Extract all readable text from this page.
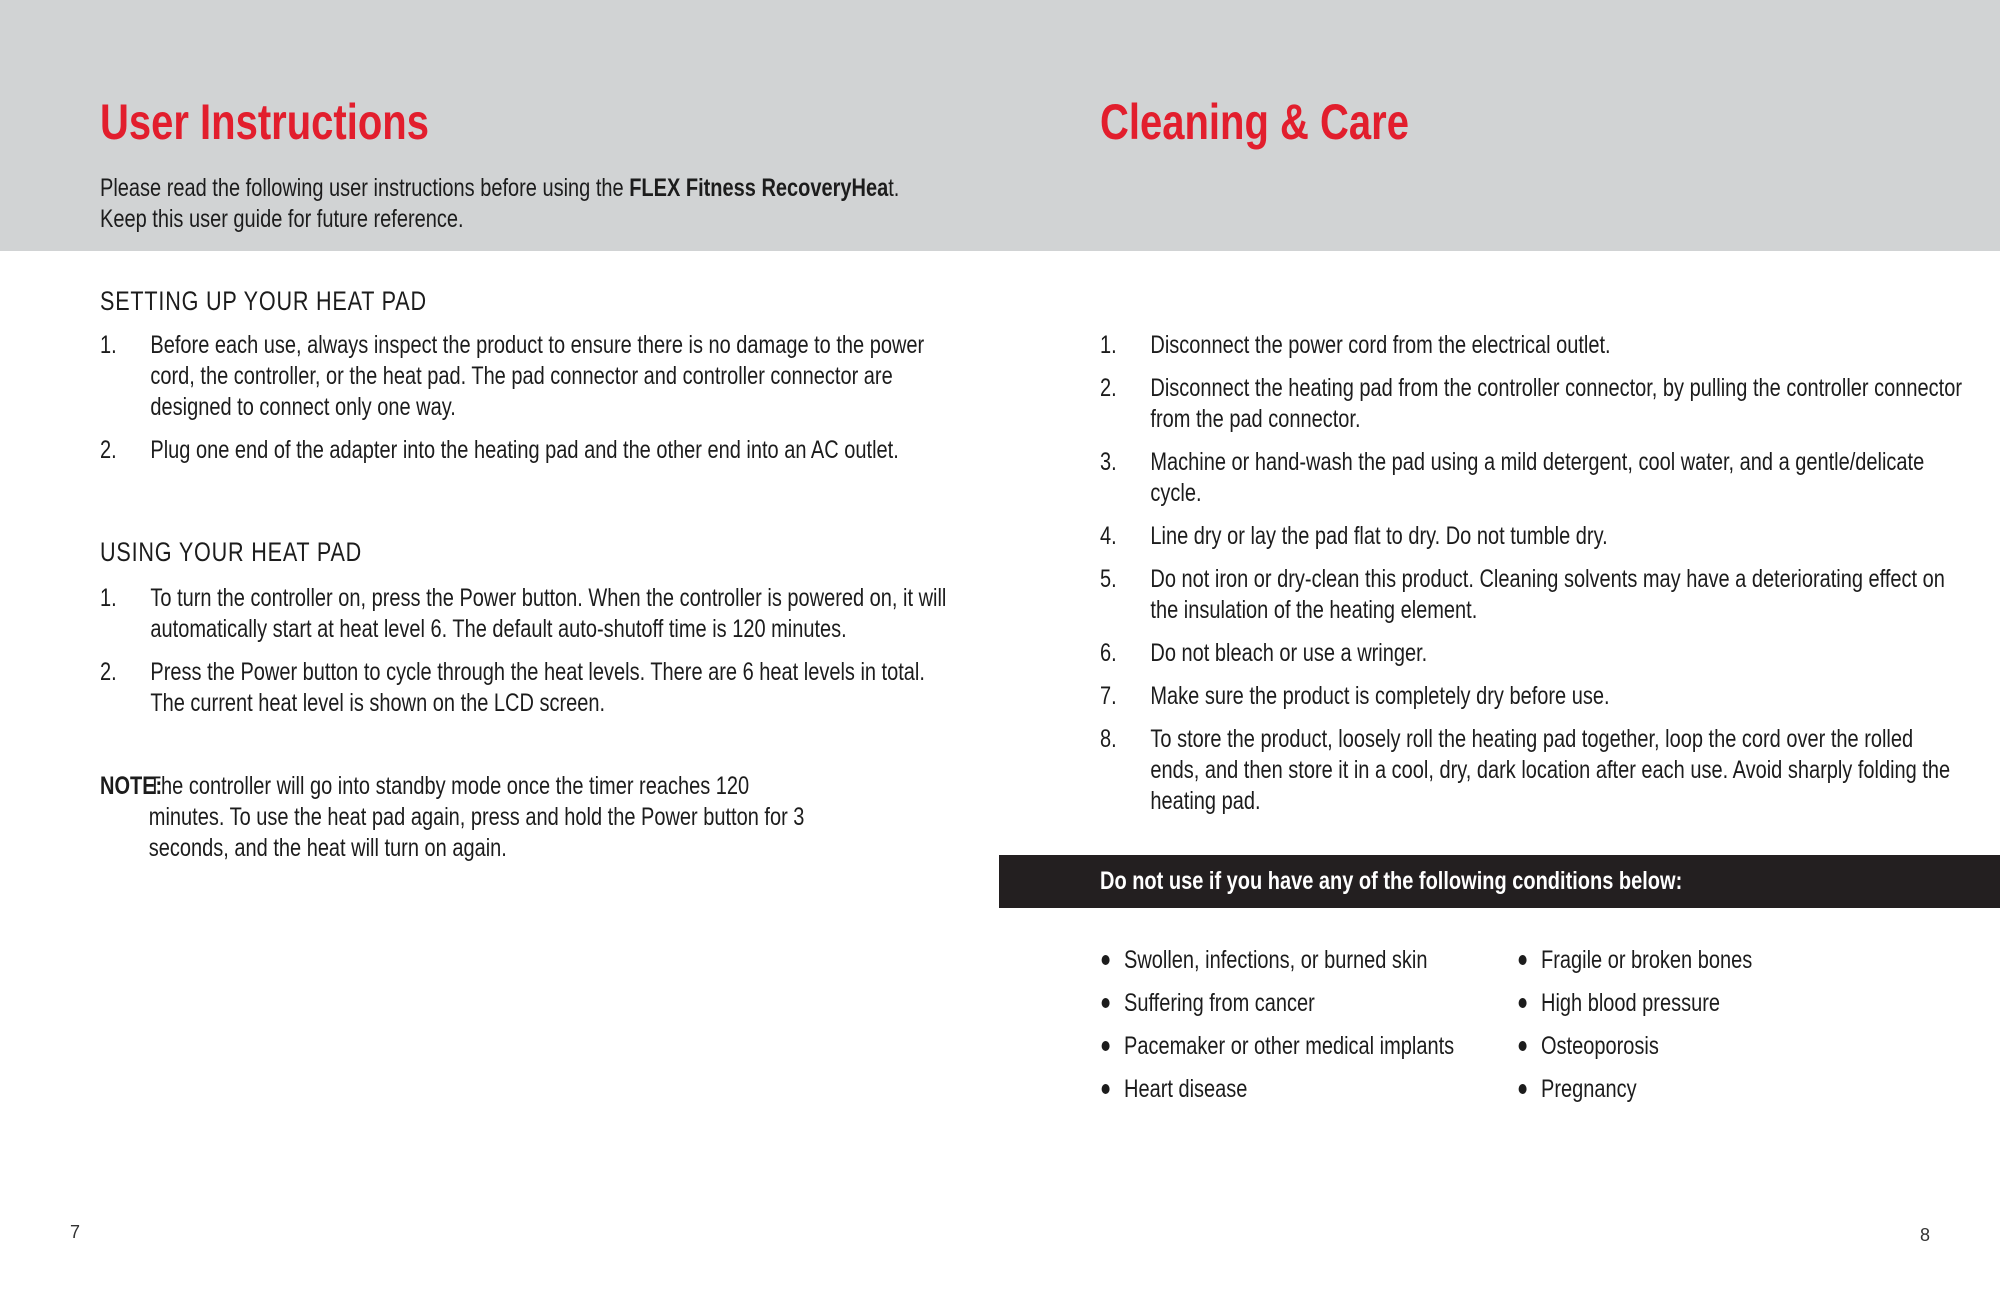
User Instructions	Cleaning & Care
Please read the following user instructions before using the FLEX Fitness RecoveryHeat.
Keep this user guide for future reference.
SETTING UP YOUR HEAT PAD
1. Before each use, always inspect the product to ensure there is no damage to the power cord, the controller, or the heat pad. The pad connector and controller connector are designed to connect only one way.
2. Plug one end of the adapter into the heating pad and the other end into an AC outlet.
USING YOUR HEAT PAD
1. To turn the controller on, press the Power button. When the controller is powered on, it will automatically start at heat level 6. The default auto-shutoff time is 120 minutes.
2. Press the Power button to cycle through the heat levels. There are 6 heat levels in total. The current heat level is shown on the LCD screen.
NOTE:
The controller will go into standby mode once the timer reaches 120 minutes. To use the heat pad again, press and hold the Power button for 3 seconds, and the heat will turn on again.
1. Disconnect the power cord from the electrical outlet.
2. Disconnect the heating pad from the controller connector, by pulling the controller connector from the pad connector.
3. Machine or hand-wash the pad using a mild detergent, cool water, and a gentle/delicate cycle.
4. Line dry or lay the pad flat to dry. Do not tumble dry.
5. Do not iron or dry-clean this product. Cleaning solvents may have a deteriorating effect on the insulation of the heating element.
6. Do not bleach or use a wringer.
7. Make sure the product is completely dry before use.
8. To store the product, loosely roll the heating pad together, loop the cord over the rolled ends, and then store it in a cool, dry, dark location after each use. Avoid sharply folding the heating pad.
Do not use if you have any of the following conditions below:
Swollen, infections, or burned skin
Suffering from cancer
Pacemaker or other medical implants
Heart disease
Fragile or broken bones
High blood pressure
Osteoporosis
Pregnancy
7	8
